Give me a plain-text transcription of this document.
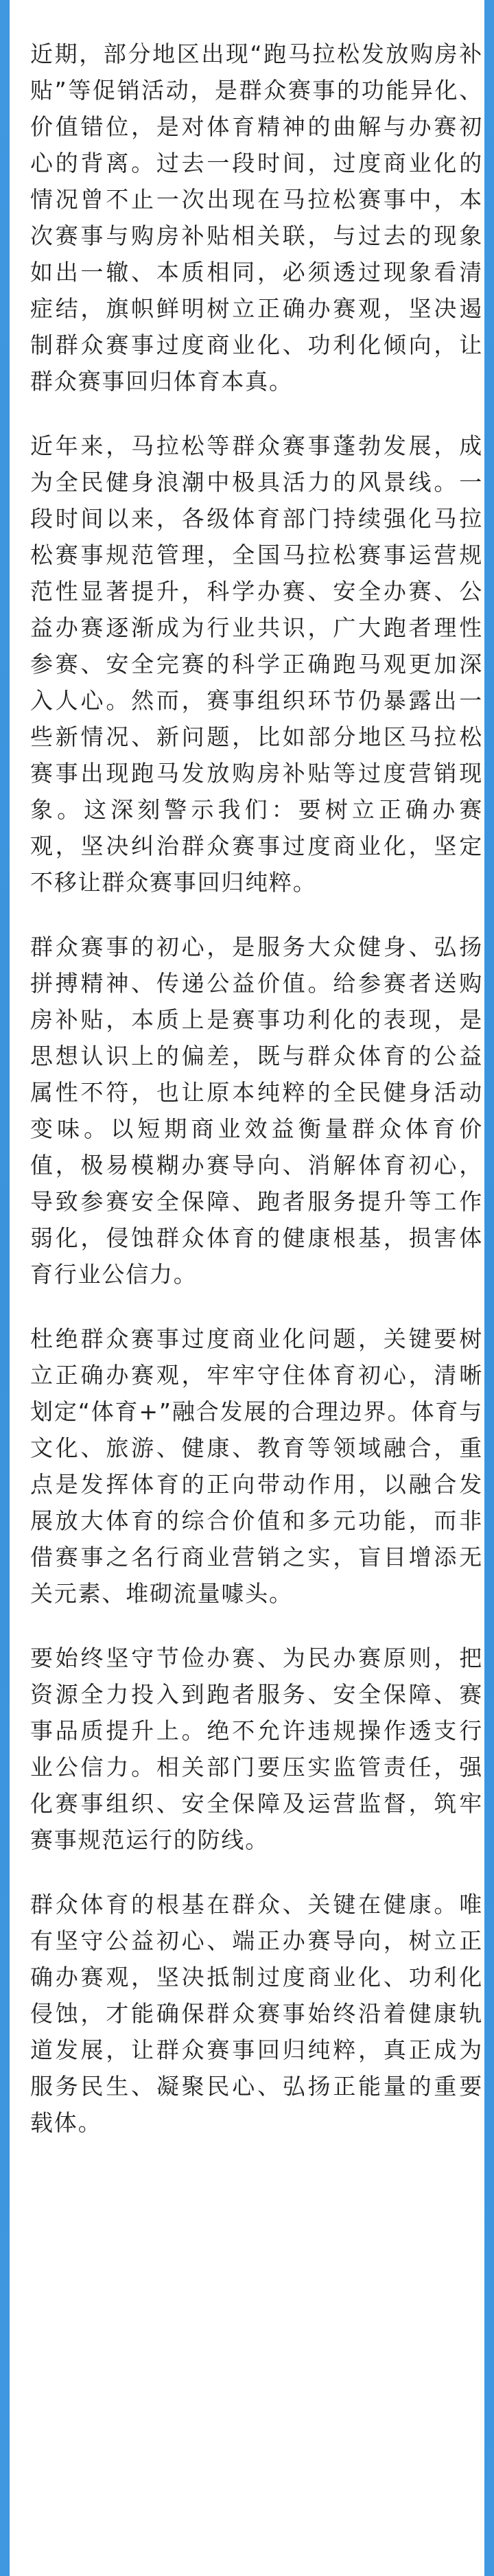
近期，部分地区出现“跑马拉松发放购房补贴”等促销活动，是群众赛事的功能异化、价值错位，是对体育精神的曲解与办赛初心的背离。过去一段时间，过度商业化的情况曾不止一次出现在马拉松赛事中，本次赛事与购房补贴相关联，与过去的现象如出一辙、本质相同，必须透过现象看清症结，旗帜鲜明树立正确办赛观，坚决遏制群众赛事过度商业化、功利化倾向，让群众赛事回归体育本真。

近年来，马拉松等群众赛事蓬勃发展，成为全民健身浪潮中极具活力的风景线。一段时间以来，各级体育部门持续强化马拉松赛事规范管理，全国马拉松赛事运营规范性显著提升，科学办赛、安全办赛、公益办赛逐渐成为行业共识，广大跑者理性参赛、安全完赛的科学正确跑马观更加深入人心。然而，赛事组织环节仍暴露出一些新情况、新问题，比如部分地区马拉松赛事出现跑马发放购房补贴等过度营销现象。这深刻警示我们：要树立正确办赛观，坚决纠治群众赛事过度商业化，坚定不移让群众赛事回归纯粹。

群众赛事的初心，是服务大众健身、弘扬拼搏精神、传递公益价值。给参赛者送购房补贴，本质上是赛事功利化的表现，是思想认识上的偏差，既与群众体育的公益属性不符，也让原本纯粹的全民健身活动变味。以短期商业效益衡量群众体育价值，极易模糊办赛导向、消解体育初心，导致参赛安全保障、跑者服务提升等工作弱化，侵蚀群众体育的健康根基，损害体育行业公信力。

杜绝群众赛事过度商业化问题，关键要树立正确办赛观，牢牢守住体育初心，清晰划定“体育+”融合发展的合理边界。体育与文化、旅游、健康、教育等领域融合，重点是发挥体育的正向带动作用，以融合发展放大体育的综合价值和多元功能，而非借赛事之名行商业营销之实，盲目增添无关元素、堆砌流量噱头。

要始终坚守节俭办赛、为民办赛原则，把资源全力投入到跑者服务、安全保障、赛事品质提升上。绝不允许违规操作透支行业公信力。相关部门要压实监管责任，强化赛事组织、安全保障及运营监督，筑牢赛事规范运行的防线。

群众体育的根基在群众、关键在健康。唯有坚守公益初心、端正办赛导向，树立正确办赛观，坚决抵制过度商业化、功利化侵蚀，才能确保群众赛事始终沿着健康轨道发展，让群众赛事回归纯粹，真正成为服务民生、凝聚民心、弘扬正能量的重要载体。
